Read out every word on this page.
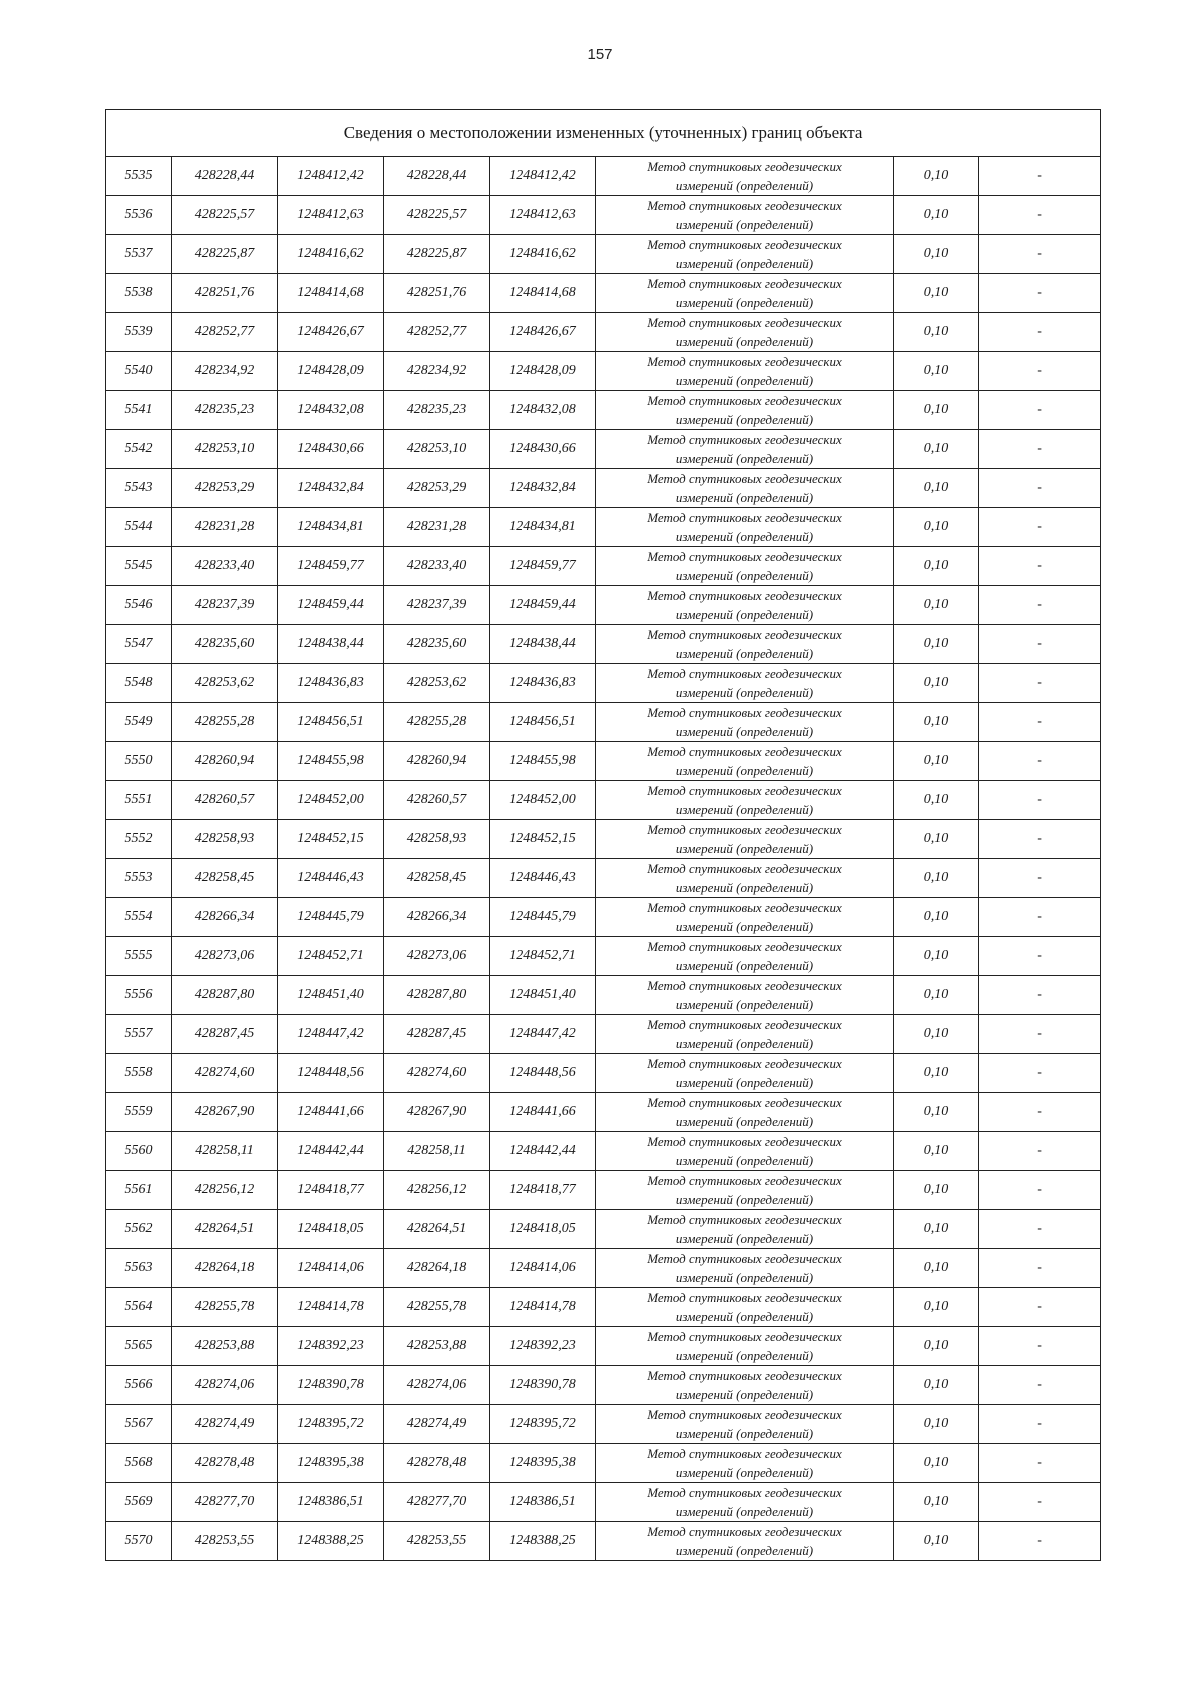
157
Сведения о местоположении измененных (уточненных) границ объекта							
5535	428228,44	1248412,42	428228,44	1248412,42	Метод спутниковых геодезических
измерений (определений)	0,10	-
5536	428225,57	1248412,63	428225,57	1248412,63	Метод спутниковых геодезических
измерений (определений)	0,10	-
5537	428225,87	1248416,62	428225,87	1248416,62	Метод спутниковых геодезических
измерений (определений)	0,10	-
5538	428251,76	1248414,68	428251,76	1248414,68	Метод спутниковых геодезических
измерений (определений)	0,10	-
5539	428252,77	1248426,67	428252,77	1248426,67	Метод спутниковых геодезических
измерений (определений)	0,10	-
5540	428234,92	1248428,09	428234,92	1248428,09	Метод спутниковых геодезических
измерений (определений)	0,10	-
5541	428235,23	1248432,08	428235,23	1248432,08	Метод спутниковых геодезических
измерений (определений)	0,10	-
5542	428253,10	1248430,66	428253,10	1248430,66	Метод спутниковых геодезических
измерений (определений)	0,10	-
5543	428253,29	1248432,84	428253,29	1248432,84	Метод спутниковых геодезических
измерений (определений)	0,10	-
5544	428231,28	1248434,81	428231,28	1248434,81	Метод спутниковых геодезических
измерений (определений)	0,10	-
5545	428233,40	1248459,77	428233,40	1248459,77	Метод спутниковых геодезических
измерений (определений)	0,10	-
5546	428237,39	1248459,44	428237,39	1248459,44	Метод спутниковых геодезических
измерений (определений)	0,10	-
5547	428235,60	1248438,44	428235,60	1248438,44	Метод спутниковых геодезических
измерений (определений)	0,10	-
5548	428253,62	1248436,83	428253,62	1248436,83	Метод спутниковых геодезических
измерений (определений)	0,10	-
5549	428255,28	1248456,51	428255,28	1248456,51	Метод спутниковых геодезических
измерений (определений)	0,10	-
5550	428260,94	1248455,98	428260,94	1248455,98	Метод спутниковых геодезических
измерений (определений)	0,10	-
5551	428260,57	1248452,00	428260,57	1248452,00	Метод спутниковых геодезических
измерений (определений)	0,10	-
5552	428258,93	1248452,15	428258,93	1248452,15	Метод спутниковых геодезических
измерений (определений)	0,10	-
5553	428258,45	1248446,43	428258,45	1248446,43	Метод спутниковых геодезических
измерений (определений)	0,10	-
5554	428266,34	1248445,79	428266,34	1248445,79	Метод спутниковых геодезических
измерений (определений)	0,10	-
5555	428273,06	1248452,71	428273,06	1248452,71	Метод спутниковых геодезических
измерений (определений)	0,10	-
5556	428287,80	1248451,40	428287,80	1248451,40	Метод спутниковых геодезических
измерений (определений)	0,10	-
5557	428287,45	1248447,42	428287,45	1248447,42	Метод спутниковых геодезических
измерений (определений)	0,10	-
5558	428274,60	1248448,56	428274,60	1248448,56	Метод спутниковых геодезических
измерений (определений)	0,10	-
5559	428267,90	1248441,66	428267,90	1248441,66	Метод спутниковых геодезических
измерений (определений)	0,10	-
5560	428258,11	1248442,44	428258,11	1248442,44	Метод спутниковых геодезических
измерений (определений)	0,10	-
5561	428256,12	1248418,77	428256,12	1248418,77	Метод спутниковых геодезических
измерений (определений)	0,10	-
5562	428264,51	1248418,05	428264,51	1248418,05	Метод спутниковых геодезических
измерений (определений)	0,10	-
5563	428264,18	1248414,06	428264,18	1248414,06	Метод спутниковых геодезических
измерений (определений)	0,10	-
5564	428255,78	1248414,78	428255,78	1248414,78	Метод спутниковых геодезических
измерений (определений)	0,10	-
5565	428253,88	1248392,23	428253,88	1248392,23	Метод спутниковых геодезических
измерений (определений)	0,10	-
5566	428274,06	1248390,78	428274,06	1248390,78	Метод спутниковых геодезических
измерений (определений)	0,10	-
5567	428274,49	1248395,72	428274,49	1248395,72	Метод спутниковых геодезических
измерений (определений)	0,10	-
5568	428278,48	1248395,38	428278,48	1248395,38	Метод спутниковых геодезических
измерений (определений)	0,10	-
5569	428277,70	1248386,51	428277,70	1248386,51	Метод спутниковых геодезических
измерений (определений)	0,10	-
5570	428253,55	1248388,25	428253,55	1248388,25	Метод спутниковых геодезических
измерений (определений)	0,10	-
